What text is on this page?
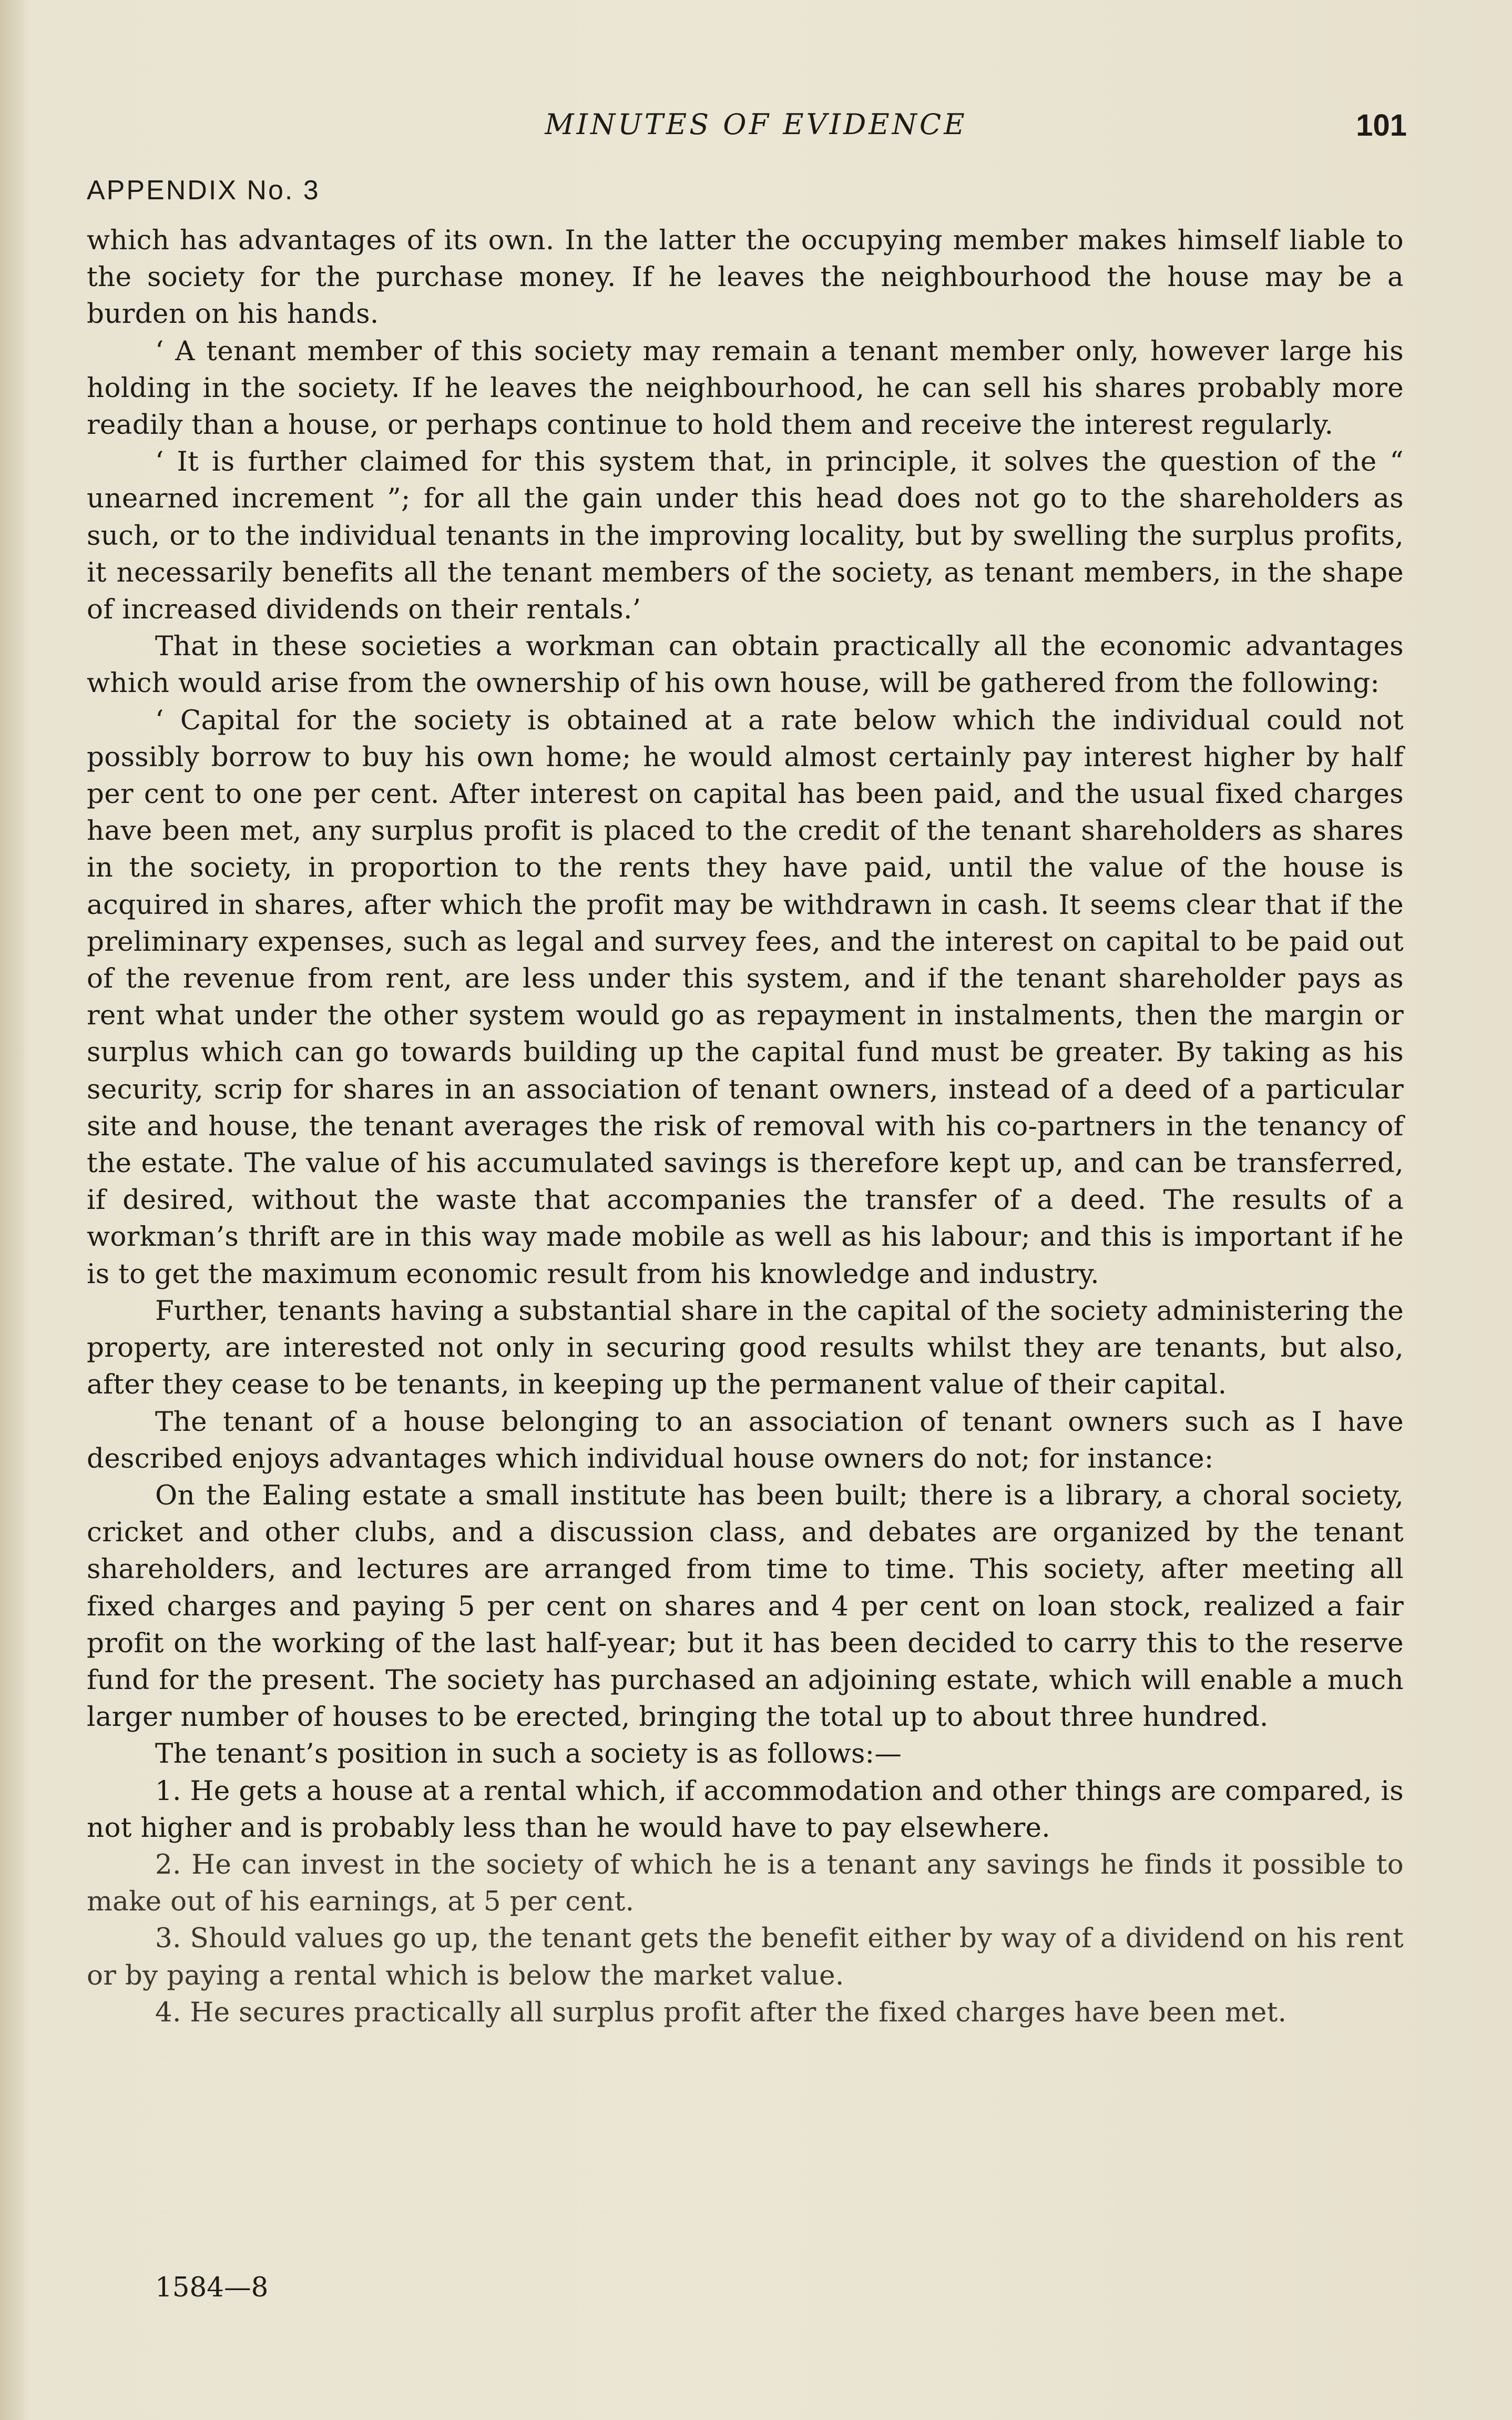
MINUTES OF EVIDENCE	101
APPENDIX No. 3

which has advantages of its own. In the latter the occupying member makes himself liable to the society for the purchase money. If he leaves the neighbourhood the house may be a burden on his hands.

‘ A tenant member of this society may remain a tenant member only, however large his holding in the society. If he leaves the neighbourhood, he can sell his shares probably more readily than a house, or perhaps continue to hold them and receive the interest regularly.

‘ It is further claimed for this system that, in principle, it solves the question of the “ unearned increment ”; for all the gain under this head does not go to the shareholders as such, or to the individual tenants in the improving locality, but by swelling the surplus profits, it necessarily benefits all the tenant members of the society, as tenant members, in the shape of increased dividends on their rentals.’

That in these societies a workman can obtain practically all the economic advantages which would arise from the ownership of his own house, will be gathered from the following:

‘ Capital for the society is obtained at a rate below which the individual could not possibly borrow to buy his own home; he would almost certainly pay interest higher by half per cent to one per cent. After interest on capital has been paid, and the usual fixed charges have been met, any surplus profit is placed to the credit of the tenant shareholders as shares in the society, in proportion to the rents they have paid, until the value of the house is acquired in shares, after which the profit may be withdrawn in cash. It seems clear that if the preliminary expenses, such as legal and survey fees, and the interest on capital to be paid out of the revenue from rent, are less under this system, and if the tenant shareholder pays as rent what under the other system would go as repayment in instalments, then the margin or surplus which can go towards building up the capital fund must be greater. By taking as his security, scrip for shares in an association of tenant owners, instead of a deed of a particular site and house, the tenant averages the risk of removal with his co-partners in the tenancy of the estate. The value of his accumulated savings is therefore kept up, and can be transferred, if desired, without the waste that accompanies the transfer of a deed. The results of a workman’s thrift are in this way made mobile as well as his labour; and this is important if he is to get the maximum economic result from his knowledge and industry.

Further, tenants having a substantial share in the capital of the society administering the property, are interested not only in securing good results whilst they are tenants, but also, after they cease to be tenants, in keeping up the permanent value of their capital.

The tenant of a house belonging to an association of tenant owners such as I have described enjoys advantages which individual house owners do not; for instance:

On the Ealing estate a small institute has been built; there is a library, a choral society, cricket and other clubs, and a discussion class, and debates are organized by the tenant shareholders, and lectures are arranged from time to time. This society, after meeting all fixed charges and paying 5 per cent on shares and 4 per cent on loan stock, realized a fair profit on the working of the last half-year; but it has been decided to carry this to the reserve fund for the present. The society has purchased an adjoining estate, which will enable a much larger number of houses to be erected, bringing the total up to about three hundred.

The tenant’s position in such a society is as follows:—

1. He gets a house at a rental which, if accommodation and other things are compared, is not higher and is probably less than he would have to pay elsewhere.

2. He can invest in the society of which he is a tenant any savings he finds it possible to make out of his earnings, at 5 per cent.

3. Should values go up, the tenant gets the benefit either by way of a dividend on his rent or by paying a rental which is below the market value.

4. He secures practically all surplus profit after the fixed charges have been met.

1584—8
